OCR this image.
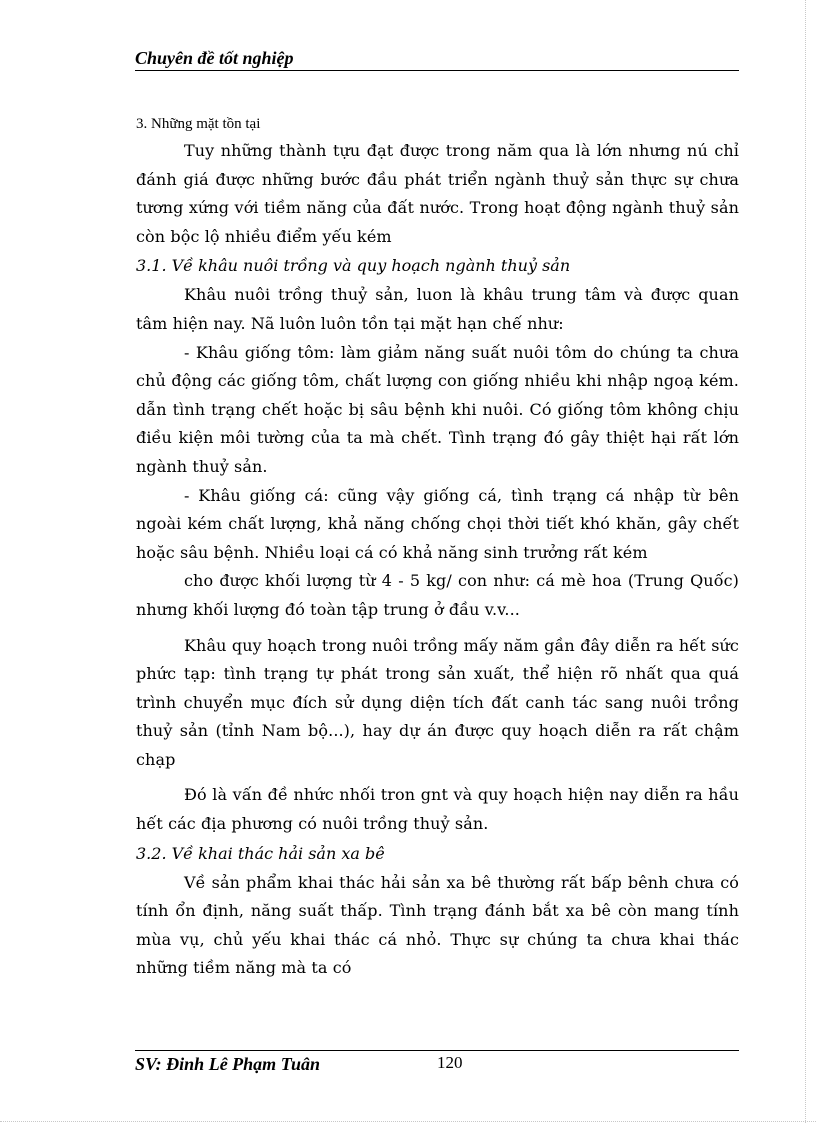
Chuyên đề tốt nghiệp

3. Những mặt tồn tại

Tuy những thành tựu đạt được trong năm qua là lớn nhưng nú chỉ đánh giá được những bước đầu phát triển ngành thuỷ sản thực sự chưa tương xứng với tiềm năng của đất nước. Trong hoạt động ngành thuỷ sản còn bộc lộ nhiều điểm yếu kém

3.1. Về khâu nuôi trồng và quy hoạch ngành thuỷ sản

Khâu nuôi trồng thuỷ sản, luon là khâu trung tâm và được quan tâm hiện nay. Nã luôn luôn tồn tại mặt hạn chế như:

- Khâu giống tôm: làm giảm năng suất nuôi tôm do chúng ta chưa chủ động các giống tôm, chất lượng con giống nhiều khi nhập ngoạ kém. dẫn tình trạng chết hoặc bị sâu bệnh khi nuôi. Có giống tôm không chịu điều kiện môi tường của ta mà chết. Tình trạng đó gây thiệt hại rất lớn ngành thuỷ sản.

- Khâu giống cá: cũng vậy giống cá, tình trạng cá nhập từ bên ngoài kém chất lượng, khả năng chống chọi thời tiết khó khăn, gây chết hoặc sâu bệnh. Nhiều loại cá có khả năng sinh trưởng rất kém

cho được khối lượng từ 4 - 5 kg/ con như: cá mè hoa (Trung Quốc) nhưng khối lượng đó toàn tập trung ở đầu v.v...

Khâu quy hoạch trong nuôi trồng mấy năm gần đây diễn ra hết sức phức tạp: tình trạng tự phát trong sản xuất, thể hiện rõ nhất qua quá trình chuyển mục đích sử dụng diện tích đất canh tác sang nuôi trồng thuỷ sản (tỉnh Nam bộ...), hay dự án được quy hoạch diễn ra rất chậm chạp

Đó là vấn đề nhức nhối tron gnt và quy hoạch hiện nay diễn ra hầu hết các địa phương có nuôi trồng thuỷ sản.

3.2. Về khai thác hải sản xa bê

Về sản phẩm khai thác hải sản xa bê thường rất bấp bênh chưa có tính ổn định, năng suất thấp. Tình trạng đánh bắt xa bê còn mang tính mùa vụ, chủ yếu khai thác cá nhỏ. Thực sự chúng ta chưa khai thác những tiềm năng mà ta có

SV: Đinh Lê Phạm Tuân	120
